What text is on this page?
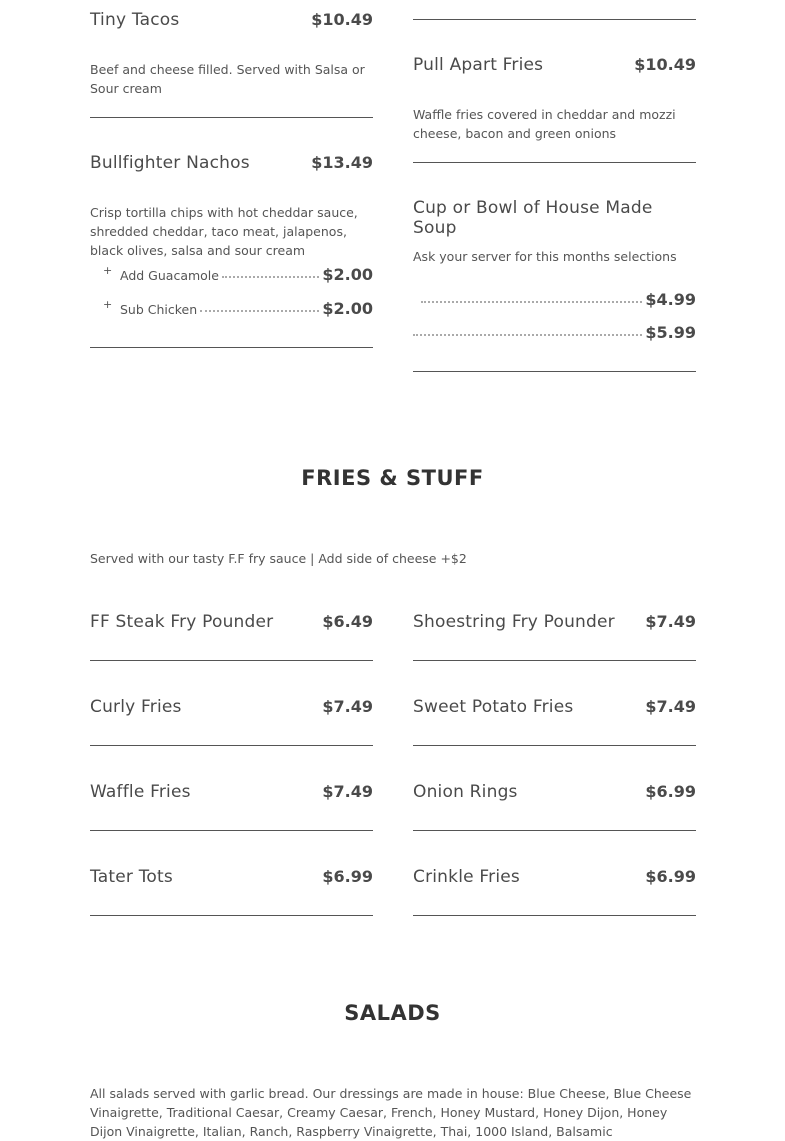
Tiny Tacos	$10.49
Beef and cheese filled. Served with Salsa or Sour cream
Bullfighter Nachos	$13.49
Crisp tortilla chips with hot cheddar sauce, shredded cheddar, taco meat, jalapenos, black olives, salsa and sour cream
+ Add Guacamole	$2.00
+ Sub Chicken	$2.00
Pull Apart Fries	$10.49
Waffle fries covered in cheddar and mozzi cheese, bacon and green onions
Cup or Bowl of House Made Soup
Ask your server for this months selections
$4.99
$5.99
FRIES & STUFF
Served with our tasty F.F fry sauce | Add side of cheese +$2
FF Steak Fry Pounder	$6.49 Shoestring Fry Pounder $7.49
Curly Fries	$7.49 Sweet Potato Fries	$7.49
Waffle Fries	$7.49 Onion Rings	$6.99
Tater Tots	$6.99 Crinkle Fries	$6.99
SALADS
All salads served with garlic bread. Our dressings are made in house: Blue Cheese, Blue Cheese Vinaigrette, Traditional Caesar, Creamy Caesar, French, Honey Mustard, Honey Dijon, Honey Dijon Vinaigrette, Italian, Ranch, Raspberry Vinaigrette, Thai, 1000 Island, Balsamic
